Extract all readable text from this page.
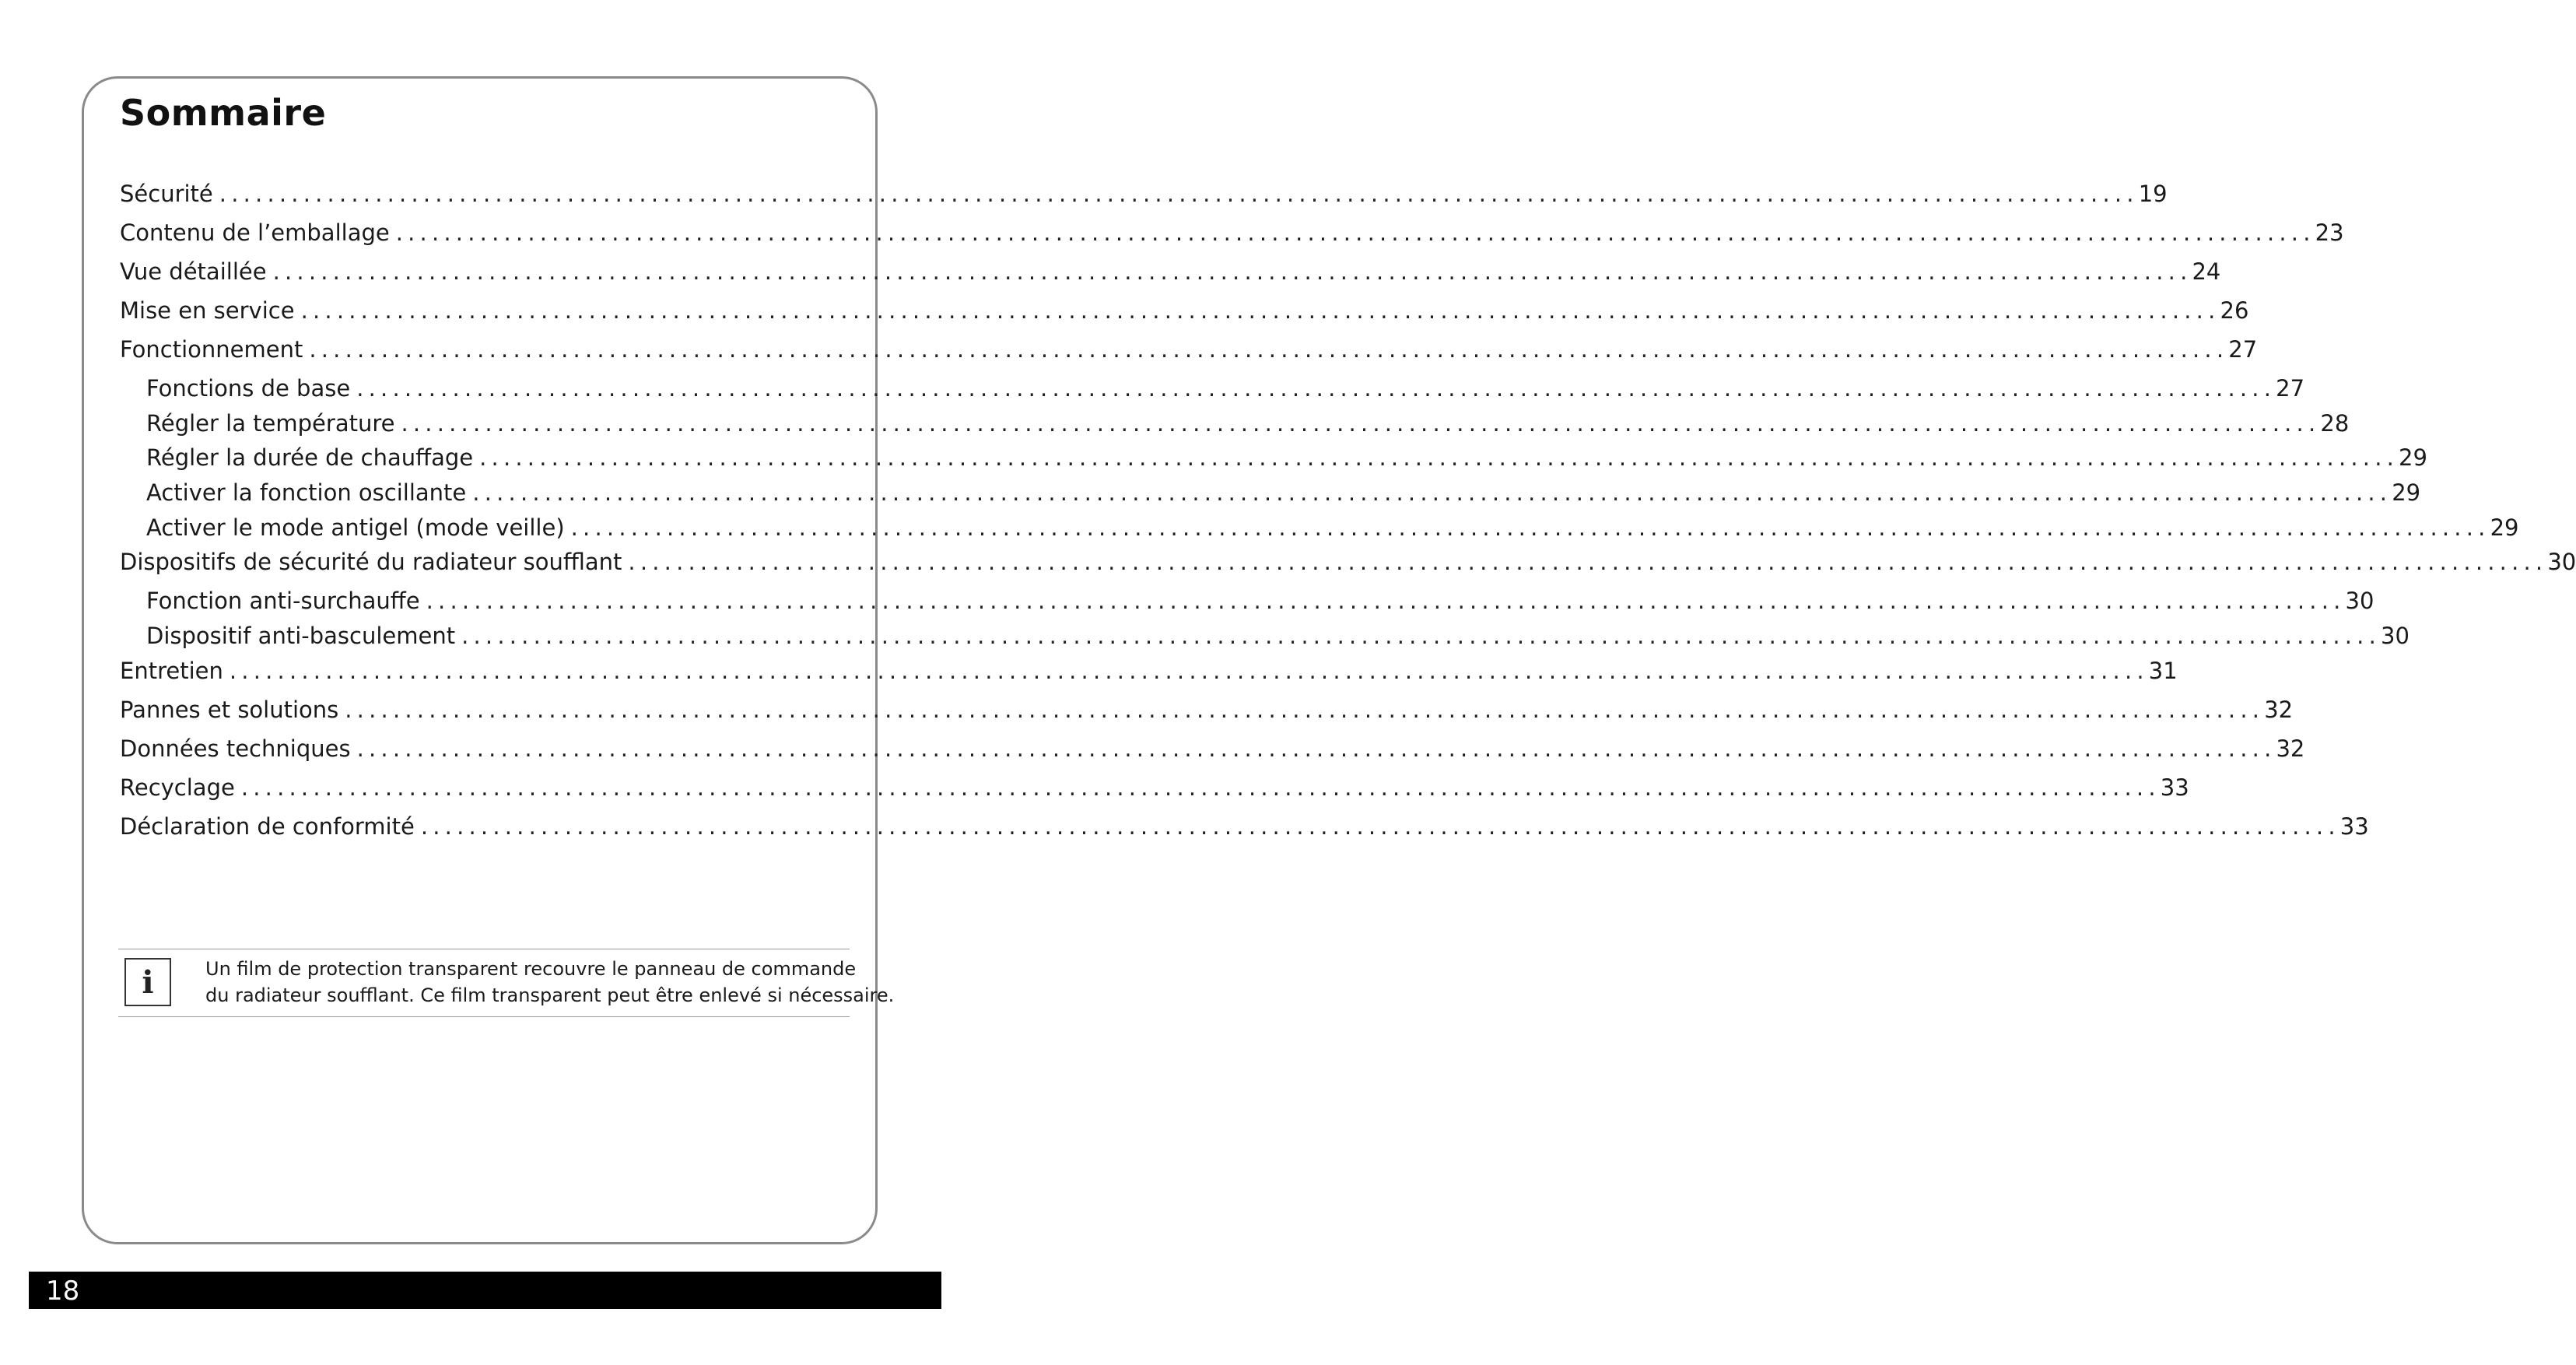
Sommaire
Sécurité ................................................................................................................................................................ 19
Contenu de l’emballage ................................................................................................................................................................ 23
Vue détaillée ................................................................................................................................................................ 24
Mise en service ................................................................................................................................................................ 26
Fonctionnement ................................................................................................................................................................ 27
Fonctions de base ................................................................................................................................................................ 27
Régler la température ................................................................................................................................................................ 28
Régler la durée de chauffage ................................................................................................................................................................ 29
Activer la fonction oscillante ................................................................................................................................................................ 29
Activer le mode antigel (mode veille) ................................................................................................................................................................ 29
Dispositifs de sécurité du radiateur soufflant ................................................................................................................................................................ 30
Fonction anti-surchauffe ................................................................................................................................................................ 30
Dispositif anti-basculement ................................................................................................................................................................ 30
Entretien ................................................................................................................................................................ 31
Pannes et solutions ................................................................................................................................................................ 32
Données techniques ................................................................................................................................................................ 32
Recyclage ................................................................................................................................................................ 33
Déclaration de conformité ................................................................................................................................................................ 33
i	Un film de protection transparent recouvre le panneau de commande
du radiateur soufflant. Ce film transparent peut être enlevé si nécessaire.
18
